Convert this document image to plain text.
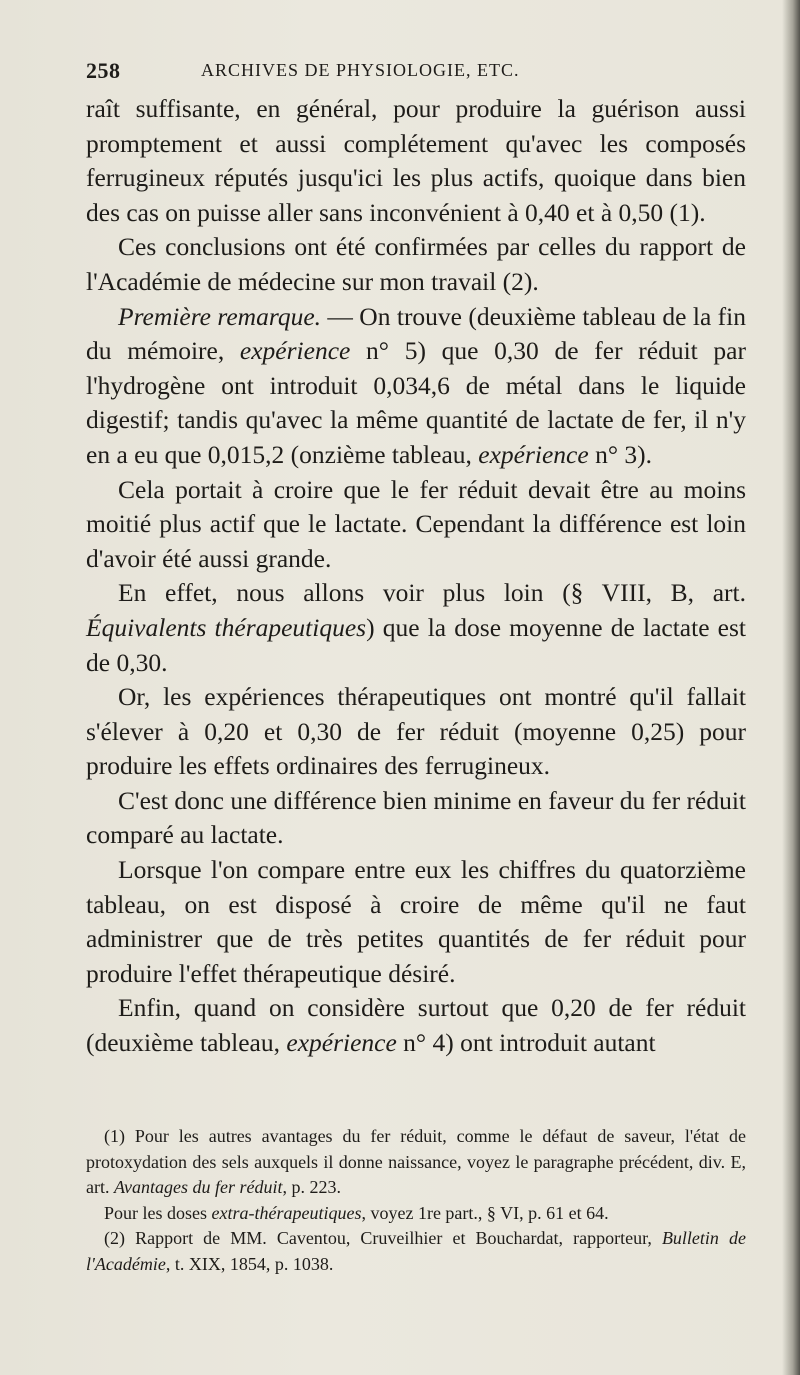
258	ARCHIVES DE PHYSIOLOGIE, ETC.

raît suffisante, en général, pour produire la guérison aussi promptement et aussi complétement qu'avec les composés ferrugineux réputés jusqu'ici les plus actifs, quoique dans bien des cas on puisse aller sans inconvénient à 0,40 et à 0,50 (1).

Ces conclusions ont été confirmées par celles du rapport de l'Académie de médecine sur mon travail (2).

Première remarque. — On trouve (deuxième tableau de la fin du mémoire, expérience n° 5) que 0,30 de fer réduit par l'hydrogène ont introduit 0,034,6 de métal dans le liquide digestif; tandis qu'avec la même quantité de lactate de fer, il n'y en a eu que 0,015,2 (onzième tableau, expérience n° 3).

Cela portait à croire que le fer réduit devait être au moins moitié plus actif que le lactate. Cependant la différence est loin d'avoir été aussi grande.

En effet, nous allons voir plus loin (§ VIII, B, art. Équivalents thérapeutiques) que la dose moyenne de lactate est de 0,30.

Or, les expériences thérapeutiques ont montré qu'il fallait s'élever à 0,20 et 0,30 de fer réduit (moyenne 0,25) pour produire les effets ordinaires des ferrugineux.

C'est donc une différence bien minime en faveur du fer réduit comparé au lactate.

Lorsque l'on compare entre eux les chiffres du quatorzième tableau, on est disposé à croire de même qu'il ne faut administrer que de très petites quantités de fer réduit pour produire l'effet thérapeutique désiré.

Enfin, quand on considère surtout que 0,20 de fer réduit (deuxième tableau, expérience n° 4) ont introduit autant

(1) Pour les autres avantages du fer réduit, comme le défaut de saveur, l'état de protoxydation des sels auxquels il donne naissance, voyez le paragraphe précédent, div. E, art. Avantages du fer réduit, p. 223.

Pour les doses extra-thérapeutiques, voyez 1re part., § VI, p. 61 et 64.

(2) Rapport de MM. Caventou, Cruveilhier et Bouchardat, rapporteur, Bulletin de l'Académie, t. XIX, 1854, p. 1038.
